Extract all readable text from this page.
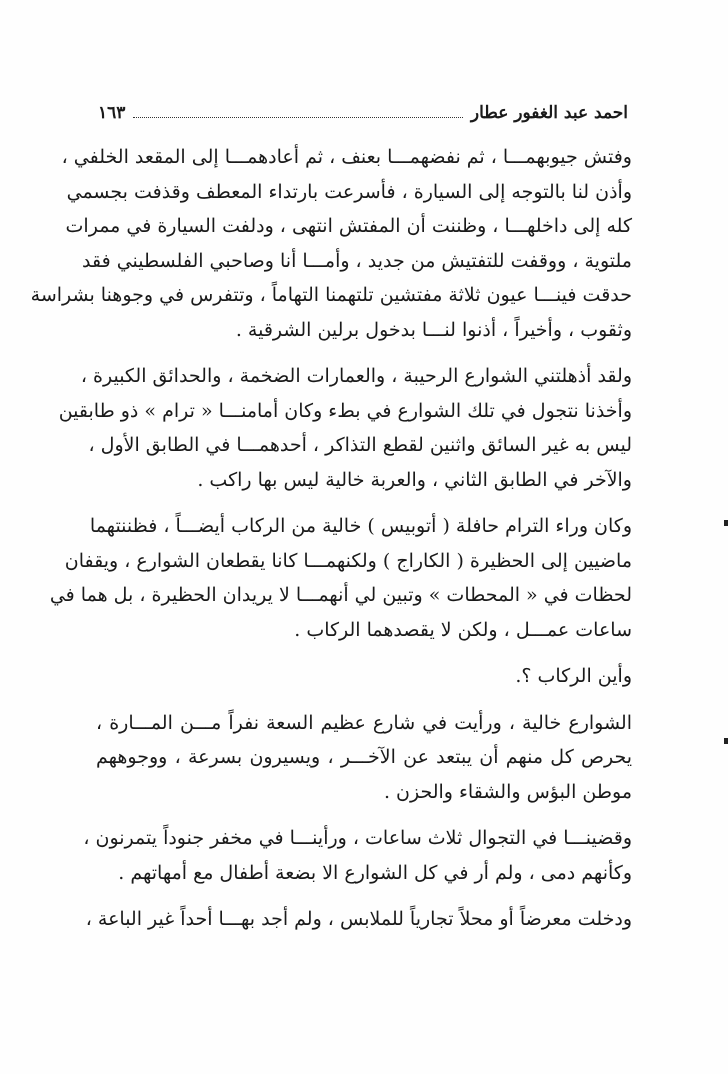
احمد عبد الغفور عطار
١٦٣
وفتش جيوبهمـــا ، ثم نفضهمـــا بعنف ، ثم أعادهمـــا إلى المقعد الخلفي ،
وأذن لنا بالتوجه إلى السيارة ، فأسرعت بارتداء المعطف وقذفت بجسمي
كله إلى داخلهـــا ، وظننت أن المفتش انتهى ، ودلفت السيارة في ممرات
ملتوية ، ووقفت للتفتيش من جديد ، وأمـــا أنا وصاحبي الفلسطيني فقد
حدقت فينـــا عيون ثلاثة مفتشين تلتهمنا التهاماً ، وتتفرس في وجوهنا بشراسة
وثقوب ، وأخيراً ، أذنوا لنـــا بدخول برلين الشرقية .
ولقد أذهلتني الشوارع الرحيبة ، والعمارات الضخمة ، والحدائق الكبيرة ،
وأخذنا نتجول في تلك الشوارع في بطء وكان أمامنـــا « ترام » ذو طابقين
ليس به غير السائق واثنين لقطع التذاكر ، أحدهمـــا في الطابق الأول ،
والآخر في الطابق الثاني ، والعربة خالية ليس بها راكب .
وكان وراء الترام حافلة ( أتوبيس ) خالية من الركاب أيضـــاً ، فظننتهما
ماضيين إلى الحظيرة ( الكاراج ) ولكنهمـــا كانا يقطعان الشوارع ، ويقفان
لحظات في « المحطات » وتبين لي أنهمـــا لا يريدان الحظيرة ، بل هما في
ساعات عمـــل ، ولكن لا يقصدهما الركاب .
وأين الركاب ؟.
الشوارع خالية ، ورأيت في شارع عظيم السعة نفراً مـــن المـــارة ،
يحرص كل منهم أن يبتعد عن الآخـــر ، ويسيرون بسرعة ، ووجوههم
موطن البؤس والشقاء والحزن .
وقضينـــا في التجوال ثلاث ساعات ، ورأينـــا في مخفر جنوداً يتمرنون ،
وكأنهم دمى ، ولم أر في كل الشوارع الا بضعة أطفال مع أمهاتهم .
ودخلت معرضاً أو محلاً تجارياً للملابس ، ولم أجد بهـــا أحداً غير الباعة ،
